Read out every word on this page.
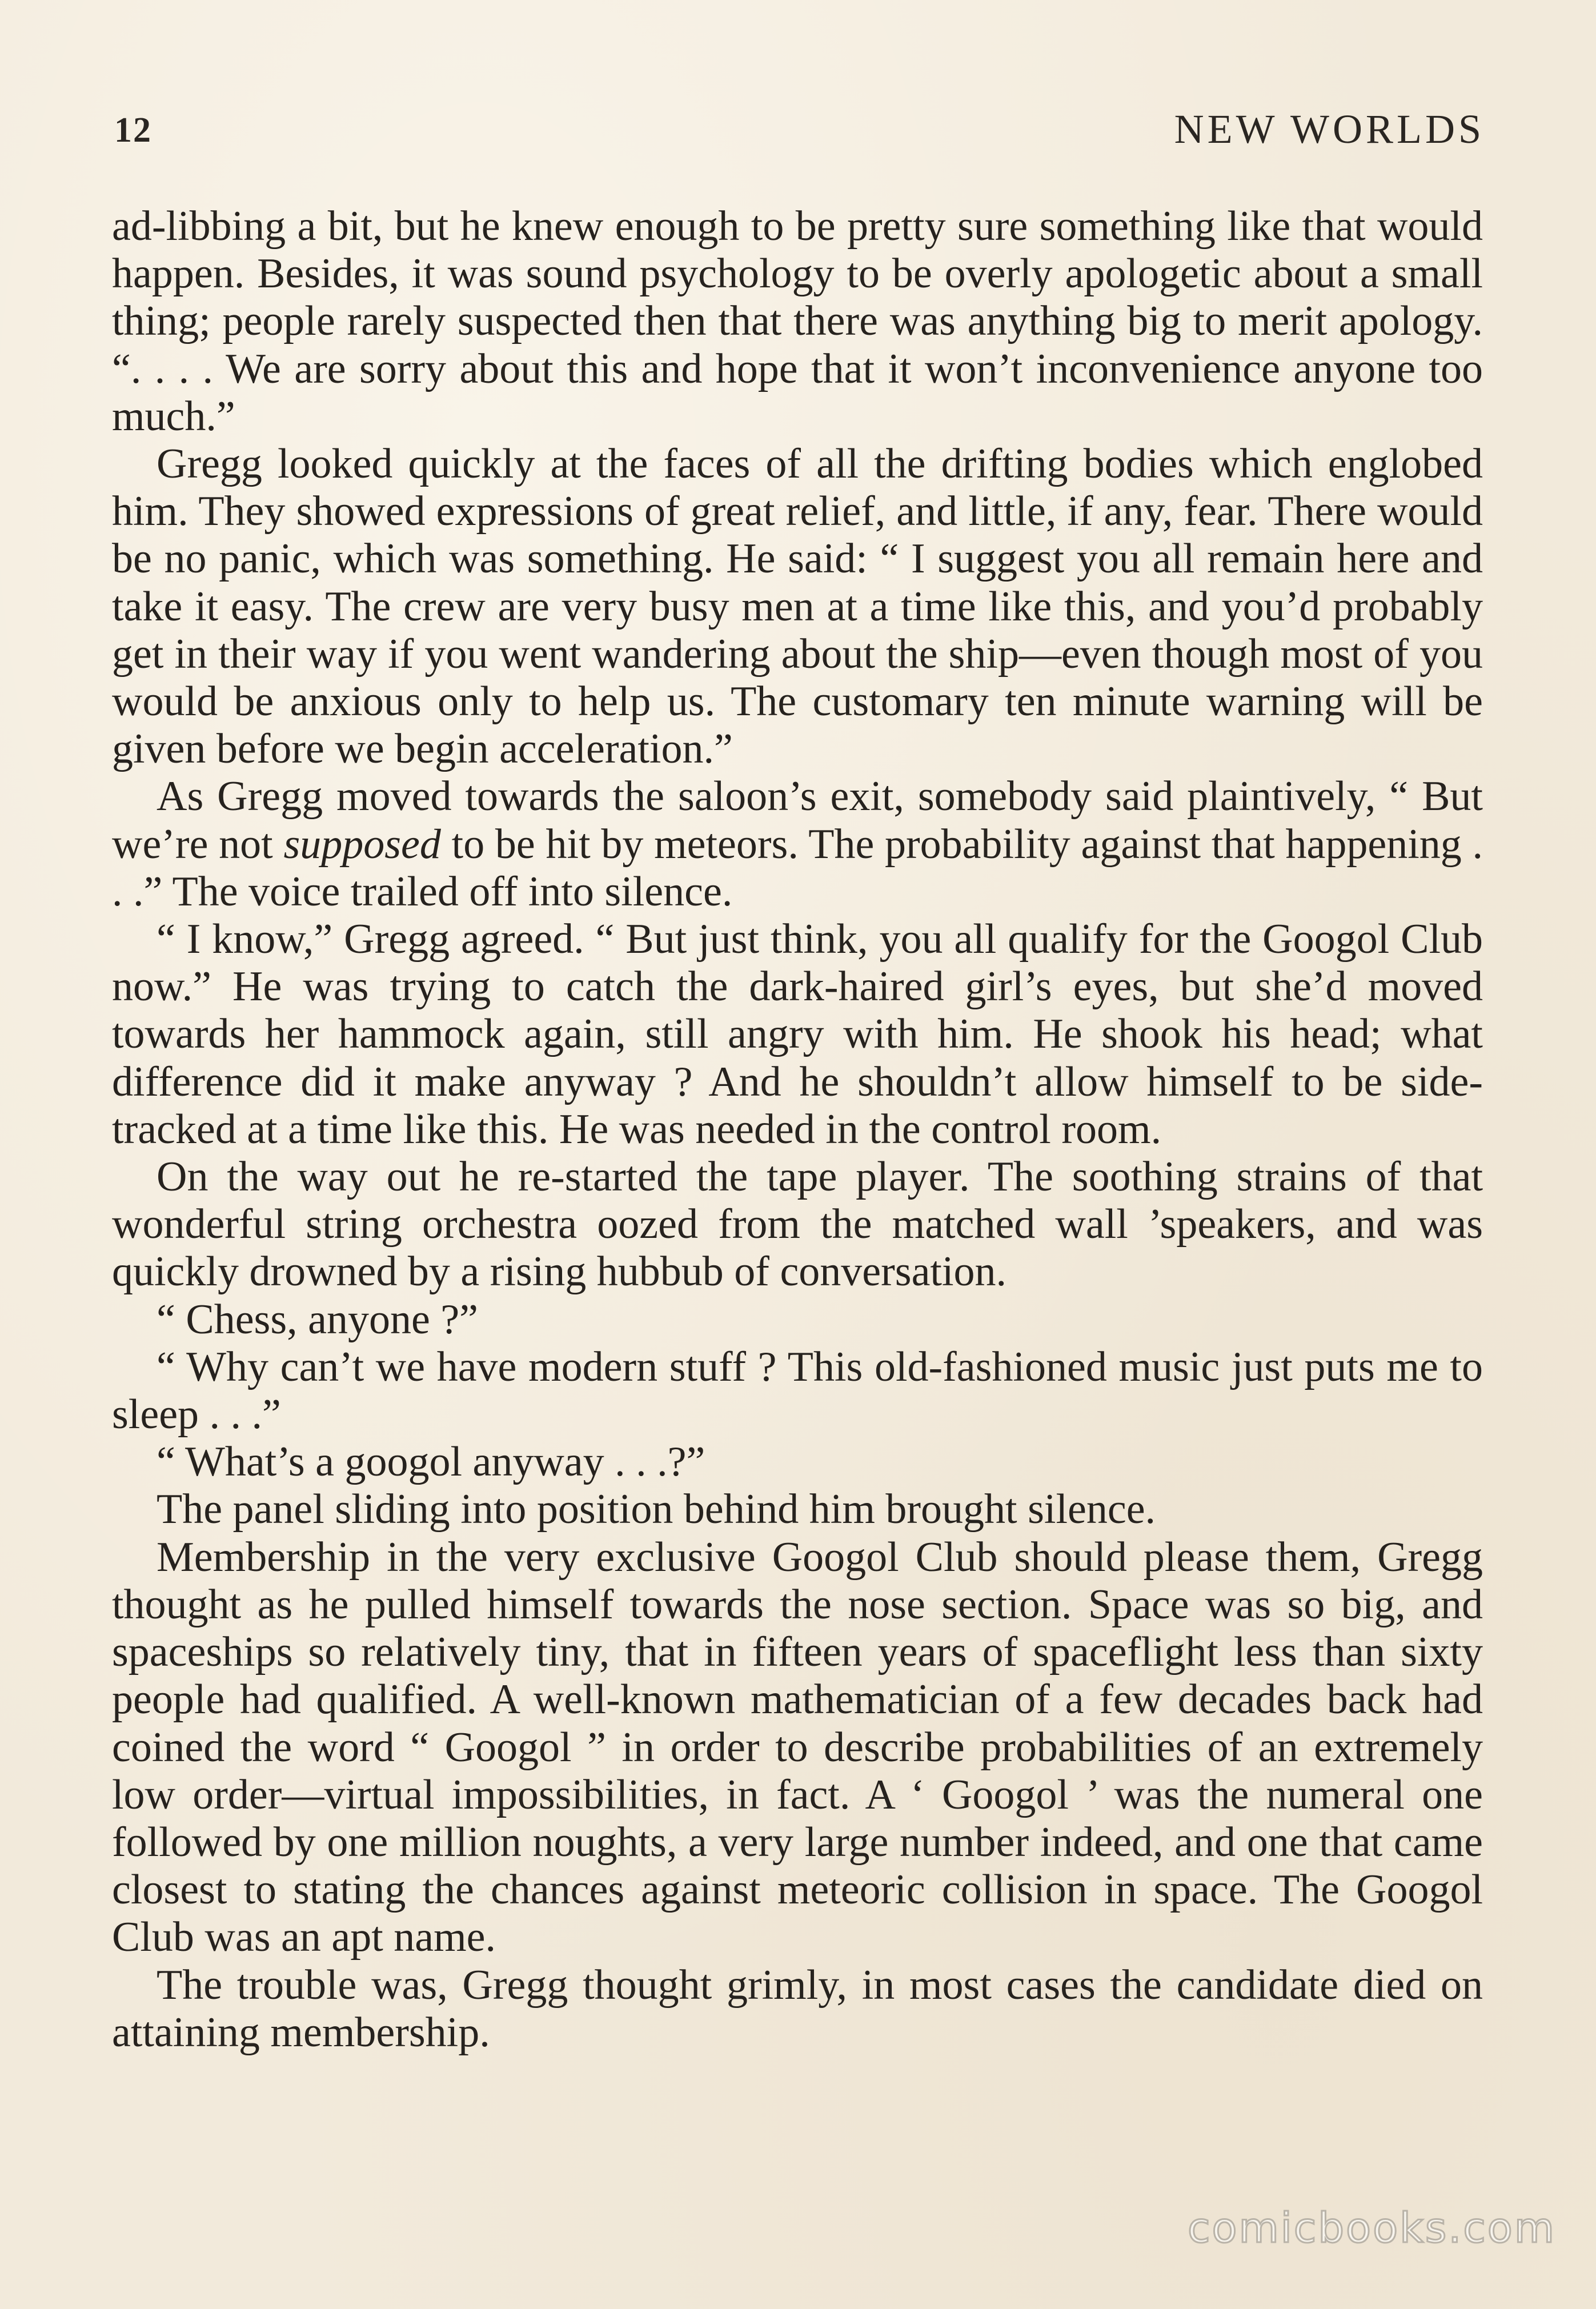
12	NEW WORLDS

ad-libbing a bit, but he knew enough to be pretty sure something like that would happen. Besides, it was sound psychology to be overly apologetic about a small thing; people rarely suspected then that there was anything big to merit apology. “. . . . We are sorry about this and hope that it won’t inconvenience anyone too much.”

Gregg looked quickly at the faces of all the drifting bodies which englobed him. They showed expressions of great relief, and little, if any, fear. There would be no panic, which was something. He said: “ I suggest you all remain here and take it easy. The crew are very busy men at a time like this, and you’d probably get in their way if you went wandering about the ship—even though most of you would be anxious only to help us. The customary ten minute warning will be given before we begin acceleration.”

As Gregg moved towards the saloon’s exit, somebody said plaintively, “ But we’re not supposed to be hit by meteors. The probability against that happening . . .” The voice trailed off into silence.

“ I know,” Gregg agreed. “ But just think, you all qualify for the Googol Club now.” He was trying to catch the dark-haired girl’s eyes, but she’d moved towards her hammock again, still angry with him. He shook his head; what difference did it make anyway ? And he shouldn’t allow himself to be side-tracked at a time like this. He was needed in the control room.

On the way out he re-started the tape player. The soothing strains of that wonderful string orchestra oozed from the matched wall ’speakers, and was quickly drowned by a rising hubbub of conversation.

“ Chess, anyone ?”

“ Why can’t we have modern stuff ? This old-fashioned music just puts me to sleep . . .”

“ What’s a googol anyway . . .?”

The panel sliding into position behind him brought silence.

Membership in the very exclusive Googol Club should please them, Gregg thought as he pulled himself towards the nose section. Space was so big, and spaceships so relatively tiny, that in fifteen years of spaceflight less than sixty people had qualified. A well-known mathematician of a few decades back had coined the word “ Googol ” in order to describe probabilities of an extremely low order—virtual impossibilities, in fact. A ‘ Googol ’ was the numeral one followed by one million noughts, a very large number indeed, and one that came closest to stating the chances against meteoric collision in space. The Googol Club was an apt name.

The trouble was, Gregg thought grimly, in most cases the candidate died on attaining membership.

comicbooks.com
